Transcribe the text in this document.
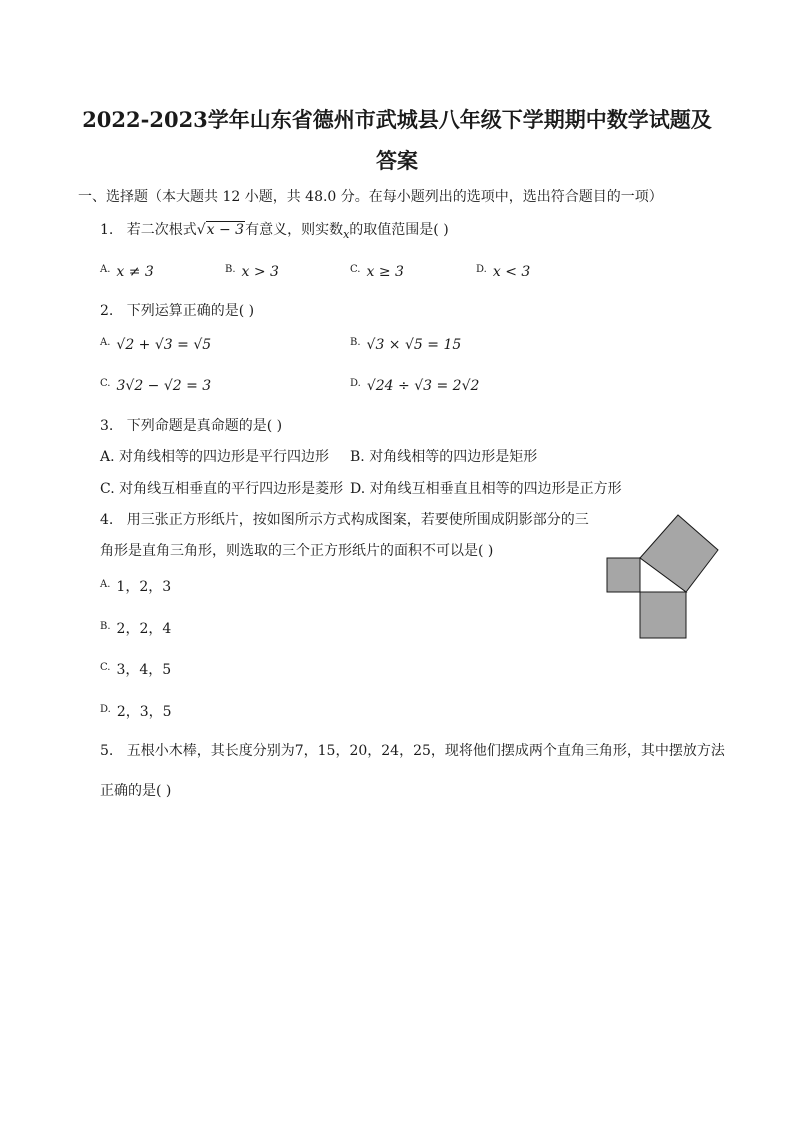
2022-2023学年山东省德州市武城县八年级下学期期中数学试题及
答案
一、选择题（本大题共 12 小题，共 48.0 分。在每小题列出的选项中，选出符合题目的一项）
1. 若二次根式√x − 3有意义，则实数$_x$的取值范围是( )
$^{A.}$ x ≠ 3	$^{B.}$ x > 3	$^{C.}$ x ≥ 3	$^{D.}$ x < 3
2. 下列运算正确的是( )
$^{A.}$ √2 + √3 = √5	$^{B.}$ √3 × √5 = 15
$^{C.}$ 3√2 − √2 = 3	$^{D.}$ √24 ÷ √3 = 2√2
3. 下列命题是真命题的是( )
A. 对角线相等的四边形是平行四边形 B. 对角线相等的四边形是矩形
C. 对角线互相垂直的平行四边形是菱形 D. 对角线互相垂直且相等的四边形是正方形
4. 用三张正方形纸片，按如图所示方式构成图案，若要使所围成阴影部分的三
角形是直角三角形，则选取的三个正方形纸片的面积不可以是( )
$^{A.}$ 1，2，3
$^{B.}$ 2，2，4
$^{C.}$ 3，4，5
$^{D.}$ 2，3，5
5. 五根小木棒，其长度分别为7，15，20，24，25，现将他们摆成两个直角三角形，其中摆放方法
正确的是( )
